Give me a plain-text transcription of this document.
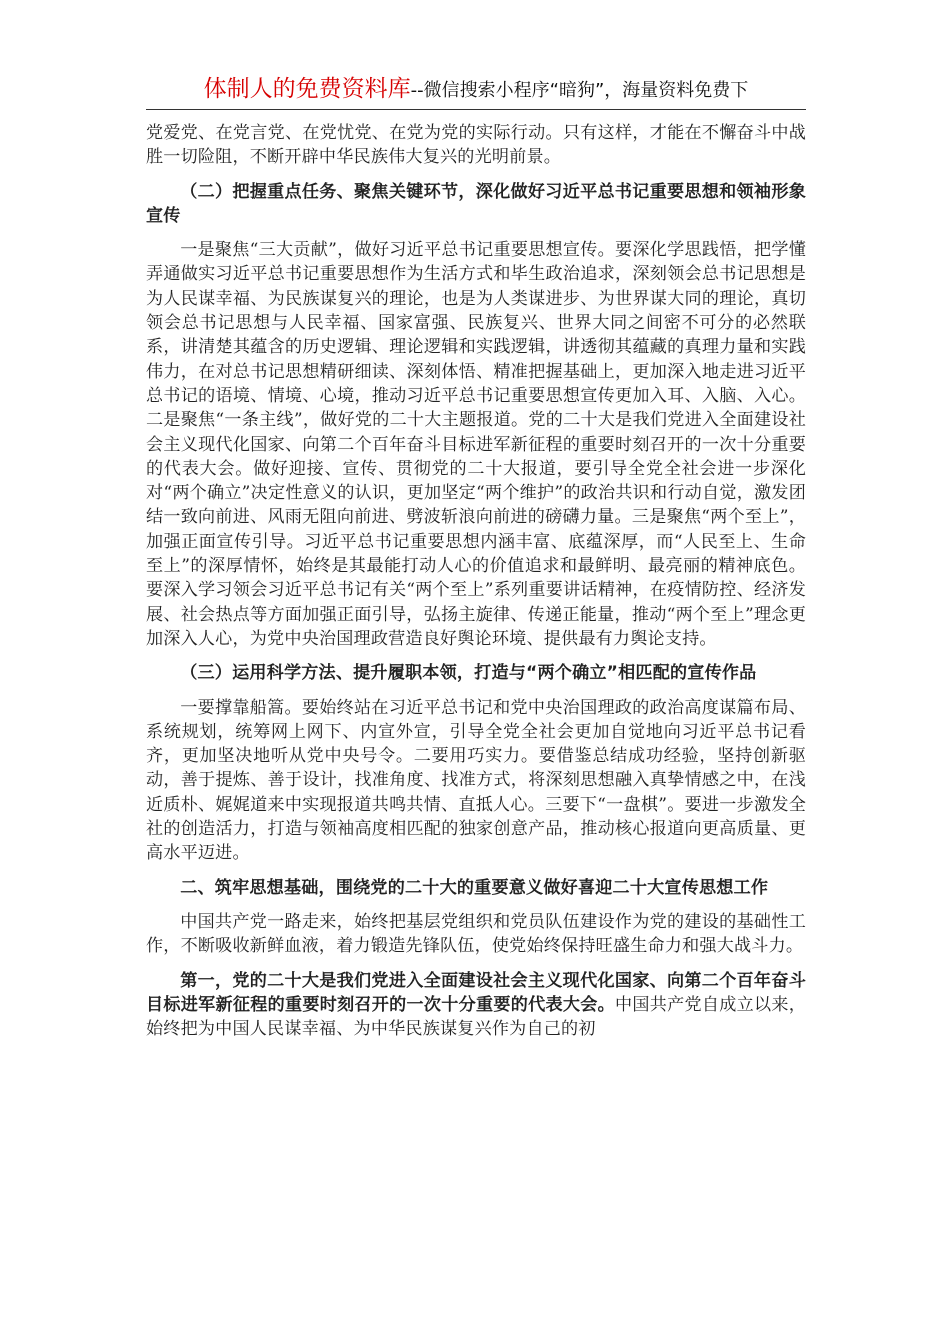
体制人的免费资料库--微信搜索小程序“暗狗”，海量资料免费下

党爱党、在党言党、在党忧党、在党为党的实际行动。只有这样，才能在不懈奋斗中战胜一切险阻，不断开辟中华民族伟大复兴的光明前景。

（二）把握重点任务、聚焦关键环节，深化做好习近平总书记重要思想和领袖形象宣传

一是聚焦“三大贡献”，做好习近平总书记重要思想宣传。要深化学思践悟，把学懂弄通做实习近平总书记重要思想作为生活方式和毕生政治追求，深刻领会总书记思想是为人民谋幸福、为民族谋复兴的理论，也是为人类谋进步、为世界谋大同的理论，真切领会总书记思想与人民幸福、国家富强、民族复兴、世界大同之间密不可分的必然联系，讲清楚其蕴含的历史逻辑、理论逻辑和实践逻辑，讲透彻其蕴藏的真理力量和实践伟力，在对总书记思想精研细读、深刻体悟、精准把握基础上，更加深入地走进习近平总书记的语境、情境、心境，推动习近平总书记重要思想宣传更加入耳、入脑、入心。二是聚焦“一条主线”，做好党的二十大主题报道。党的二十大是我们党进入全面建设社会主义现代化国家、向第二个百年奋斗目标进军新征程的重要时刻召开的一次十分重要的代表大会。做好迎接、宣传、贯彻党的二十大报道，要引导全党全社会进一步深化对“两个确立”决定性意义的认识，更加坚定“两个维护”的政治共识和行动自觉，激发团结一致向前进、风雨无阻向前进、劈波斩浪向前进的磅礴力量。三是聚焦“两个至上”，加强正面宣传引导。习近平总书记重要思想内涵丰富、底蕴深厚，而“人民至上、生命至上”的深厚情怀，始终是其最能打动人心的价值追求和最鲜明、最亮丽的精神底色。要深入学习领会习近平总书记有关“两个至上”系列重要讲话精神，在疫情防控、经济发展、社会热点等方面加强正面引导，弘扬主旋律、传递正能量，推动“两个至上”理念更加深入人心，为党中央治国理政营造良好舆论环境、提供最有力舆论支持。

（三）运用科学方法、提升履职本领，打造与“两个确立”相匹配的宣传作品

一要撑靠船篙。要始终站在习近平总书记和党中央治国理政的政治高度谋篇布局、系统规划，统筹网上网下、内宣外宣，引导全党全社会更加自觉地向习近平总书记看齐，更加坚决地听从党中央号令。二要用巧实力。要借鉴总结成功经验，坚持创新驱动，善于提炼、善于设计，找准角度、找准方式，将深刻思想融入真挚情感之中，在浅近质朴、娓娓道来中实现报道共鸣共情、直抵人心。三要下“一盘棋”。要进一步激发全社的创造活力，打造与领袖高度相匹配的独家创意产品，推动核心报道向更高质量、更高水平迈进。

二、筑牢思想基础，围绕党的二十大的重要意义做好喜迎二十大宣传思想工作

中国共产党一路走来，始终把基层党组织和党员队伍建设作为党的建设的基础性工作，不断吸收新鲜血液，着力锻造先锋队伍，使党始终保持旺盛生命力和强大战斗力。

第一，党的二十大是我们党进入全面建设社会主义现代化国家、向第二个百年奋斗目标进军新征程的重要时刻召开的一次十分重要的代表大会。中国共产党自成立以来，始终把为中国人民谋幸福、为中华民族谋复兴作为自己的初
